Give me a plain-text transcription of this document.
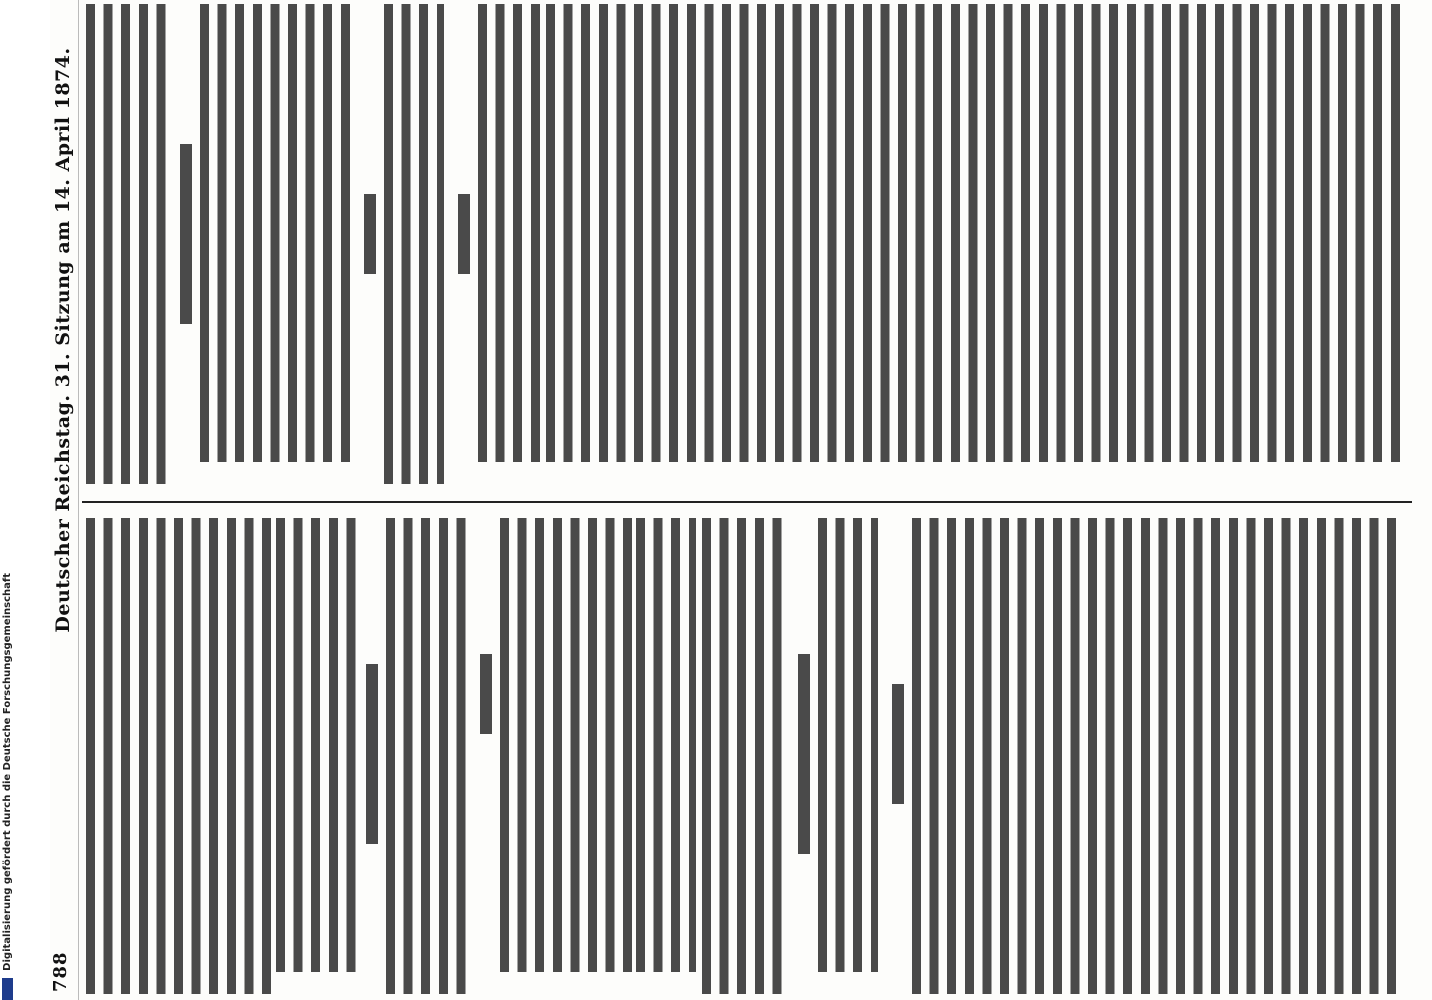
788
Deutscher Reichstag. 31. Sitzung am 14. April 1874.
Digitalisierung gefördert durch die Deutsche Forschungsgemeinschaft
